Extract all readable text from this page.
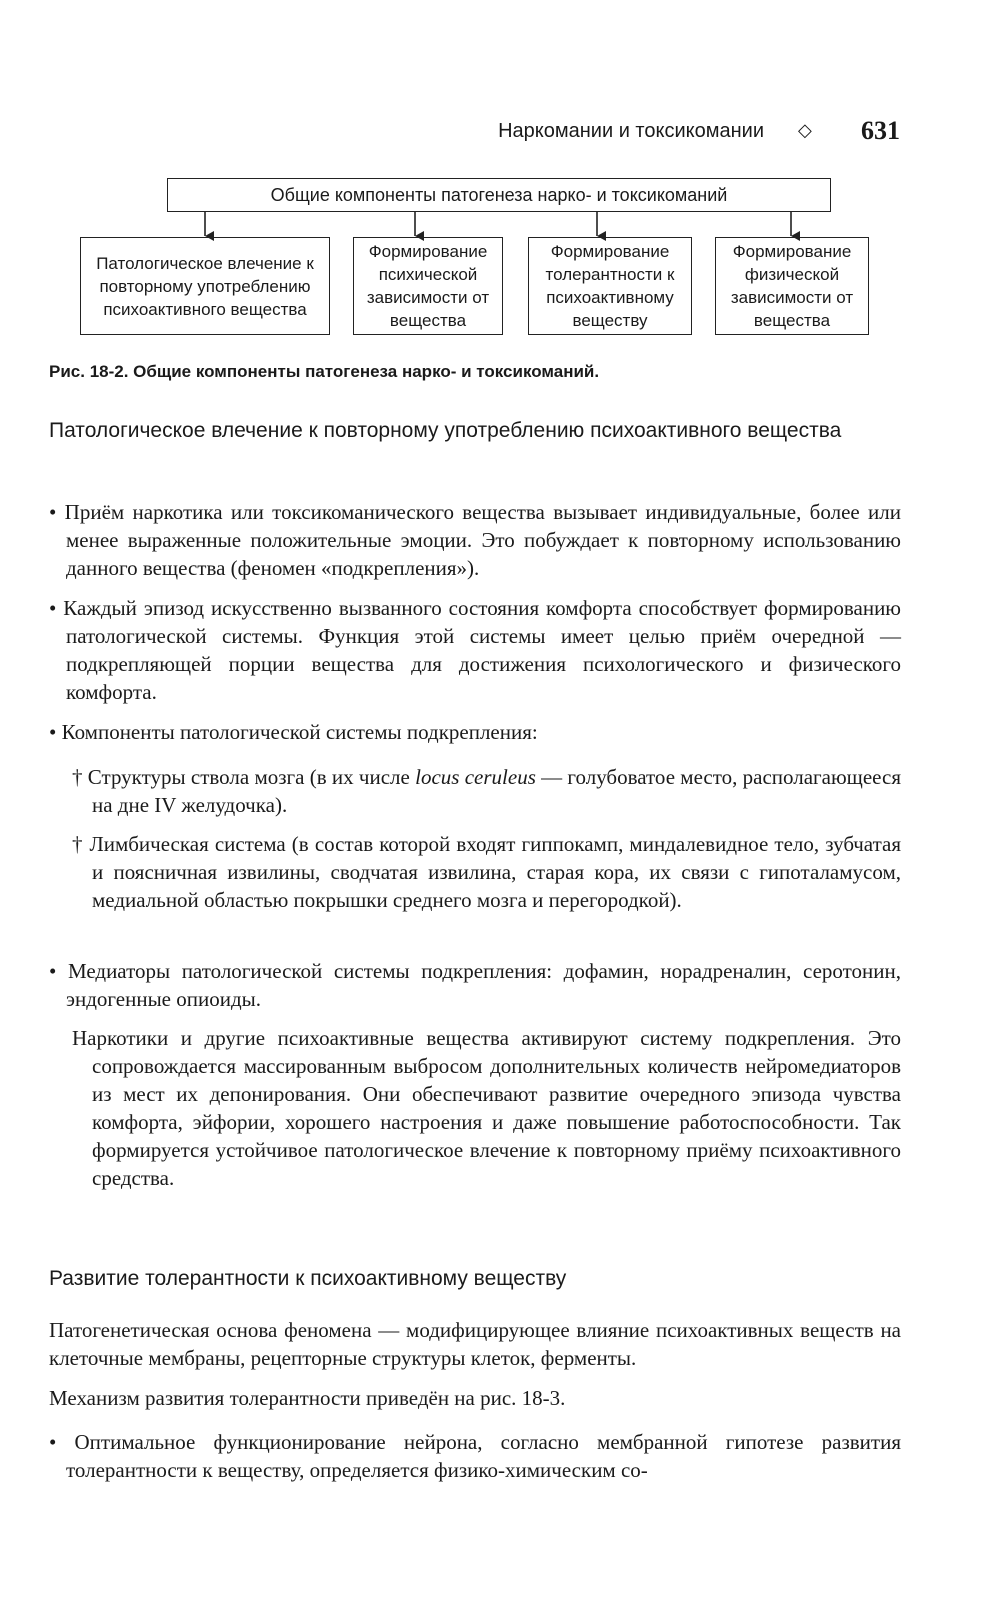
Наркомании и токсикомании ◇ 631
Общие компоненты патогенеза нарко- и токсикоманий
Патологическое влечение к повторному употреблению психоактивного вещества
Формирование психической зависимости от вещества
Формирование толерантности к психоактивному веществу
Формирование физической зависимости от вещества
Рис. 18-2. Общие компоненты патогенеза нарко- и токсикоманий.
Патологическое влечение к повторному употреблению психоактивного вещества
• Приём наркотика или токсикоманического вещества вызывает индивидуальные, более или менее выраженные положительные эмоции. Это побуждает к повторному использованию данного вещества (феномен «подкрепления»).
• Каждый эпизод искусственно вызванного состояния комфорта способствует формированию патологической системы. Функция этой системы имеет целью приём очередной — подкрепляющей порции вещества для достижения психологического и физического комфорта.
• Компоненты патологической системы подкрепления:
† Структуры ствола мозга (в их числе locus ceruleus — голубоватое место, располагающееся на дне IV желудочка).
† Лимбическая система (в состав которой входят гиппокамп, миндалевидное тело, зубчатая и поясничная извилины, сводчатая извилина, старая кора, их связи с гипоталамусом, медиальной областью покрышки среднего мозга и перегородкой).
• Медиаторы патологической системы подкрепления: дофамин, норадреналин, серотонин, эндогенные опиоиды.
Наркотики и другие психоактивные вещества активируют систему подкрепления. Это сопровождается массированным выбросом дополнительных количеств нейромедиаторов из мест их депонирования. Они обеспечивают развитие очередного эпизода чувства комфорта, эйфории, хорошего настроения и даже повышение работоспособности. Так формируется устойчивое патологическое влечение к повторному приёму психоактивного средства.
Развитие толерантности к психоактивному веществу
Патогенетическая основа феномена — модифицирующее влияние психоактивных веществ на клеточные мембраны, рецепторные структуры клеток, ферменты.
Механизм развития толерантности приведён на рис. 18-3.
• Оптимальное функционирование нейрона, согласно мембранной гипотезе развития толерантности к веществу, определяется физико-химическим со-
